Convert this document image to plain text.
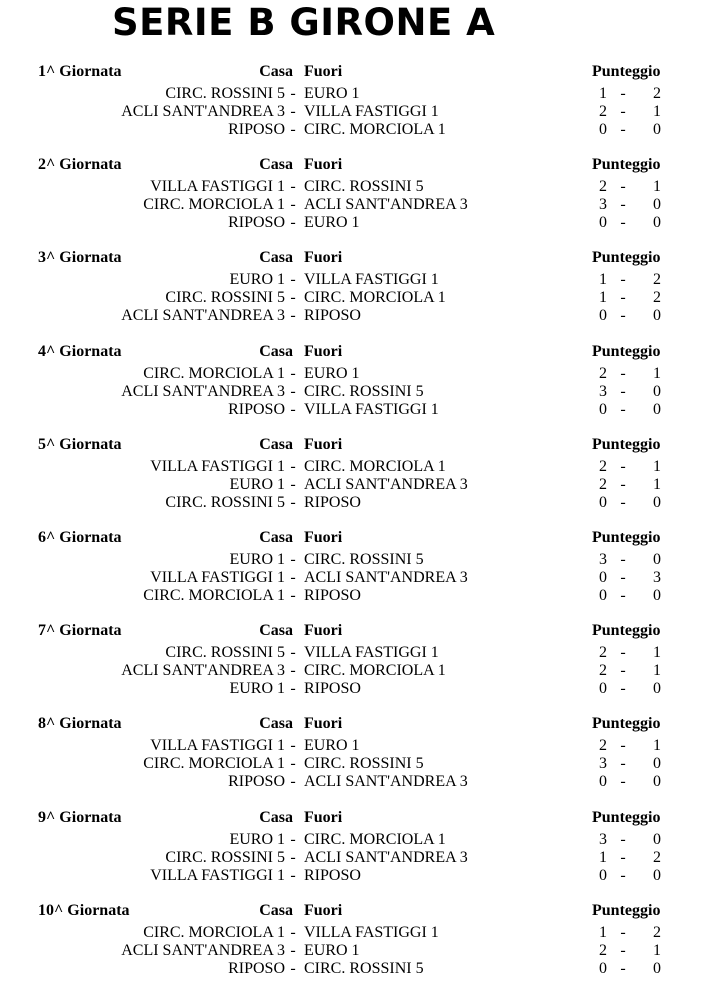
SERIE B GIRONE A
1^ Giornata	Casa Fuori	Punteggio
CIRC. ROSSINI 5 - EURO 1	1 - 2
ACLI SANT'ANDREA 3 - VILLA FASTIGGI 1	2 - 1
RIPOSO - CIRC. MORCIOLA 1	0 - 0
2^ Giornata	Casa Fuori	Punteggio
VILLA FASTIGGI 1 - CIRC. ROSSINI 5	2 - 1
CIRC. MORCIOLA 1 - ACLI SANT'ANDREA 3	3 - 0
RIPOSO - EURO 1	0 - 0
3^ Giornata	Casa Fuori	Punteggio
EURO 1 - VILLA FASTIGGI 1	1 - 2
CIRC. ROSSINI 5 - CIRC. MORCIOLA 1	1 - 2
ACLI SANT'ANDREA 3 - RIPOSO	0 - 0
4^ Giornata	Casa Fuori	Punteggio
CIRC. MORCIOLA 1 - EURO 1	2 - 1
ACLI SANT'ANDREA 3 - CIRC. ROSSINI 5	3 - 0
RIPOSO - VILLA FASTIGGI 1	0 - 0
5^ Giornata	Casa Fuori	Punteggio
VILLA FASTIGGI 1 - CIRC. MORCIOLA 1	2 - 1
EURO 1 - ACLI SANT'ANDREA 3	2 - 1
CIRC. ROSSINI 5 - RIPOSO	0 - 0
6^ Giornata	Casa Fuori	Punteggio
EURO 1 - CIRC. ROSSINI 5	3 - 0
VILLA FASTIGGI 1 - ACLI SANT'ANDREA 3	0 - 3
CIRC. MORCIOLA 1 - RIPOSO	0 - 0
7^ Giornata	Casa Fuori	Punteggio
CIRC. ROSSINI 5 - VILLA FASTIGGI 1	2 - 1
ACLI SANT'ANDREA 3 - CIRC. MORCIOLA 1	2 - 1
EURO 1 - RIPOSO	0 - 0
8^ Giornata	Casa Fuori	Punteggio
VILLA FASTIGGI 1 - EURO 1	2 - 1
CIRC. MORCIOLA 1 - CIRC. ROSSINI 5	3 - 0
RIPOSO - ACLI SANT'ANDREA 3	0 - 0
9^ Giornata	Casa Fuori	Punteggio
EURO 1 - CIRC. MORCIOLA 1	3 - 0
CIRC. ROSSINI 5 - ACLI SANT'ANDREA 3	1 - 2
VILLA FASTIGGI 1 - RIPOSO	0 - 0
10^ Giornata	Casa Fuori	Punteggio
CIRC. MORCIOLA 1 - VILLA FASTIGGI 1	1 - 2
ACLI SANT'ANDREA 3 - EURO 1	2 - 1
RIPOSO - CIRC. ROSSINI 5	0 - 0
